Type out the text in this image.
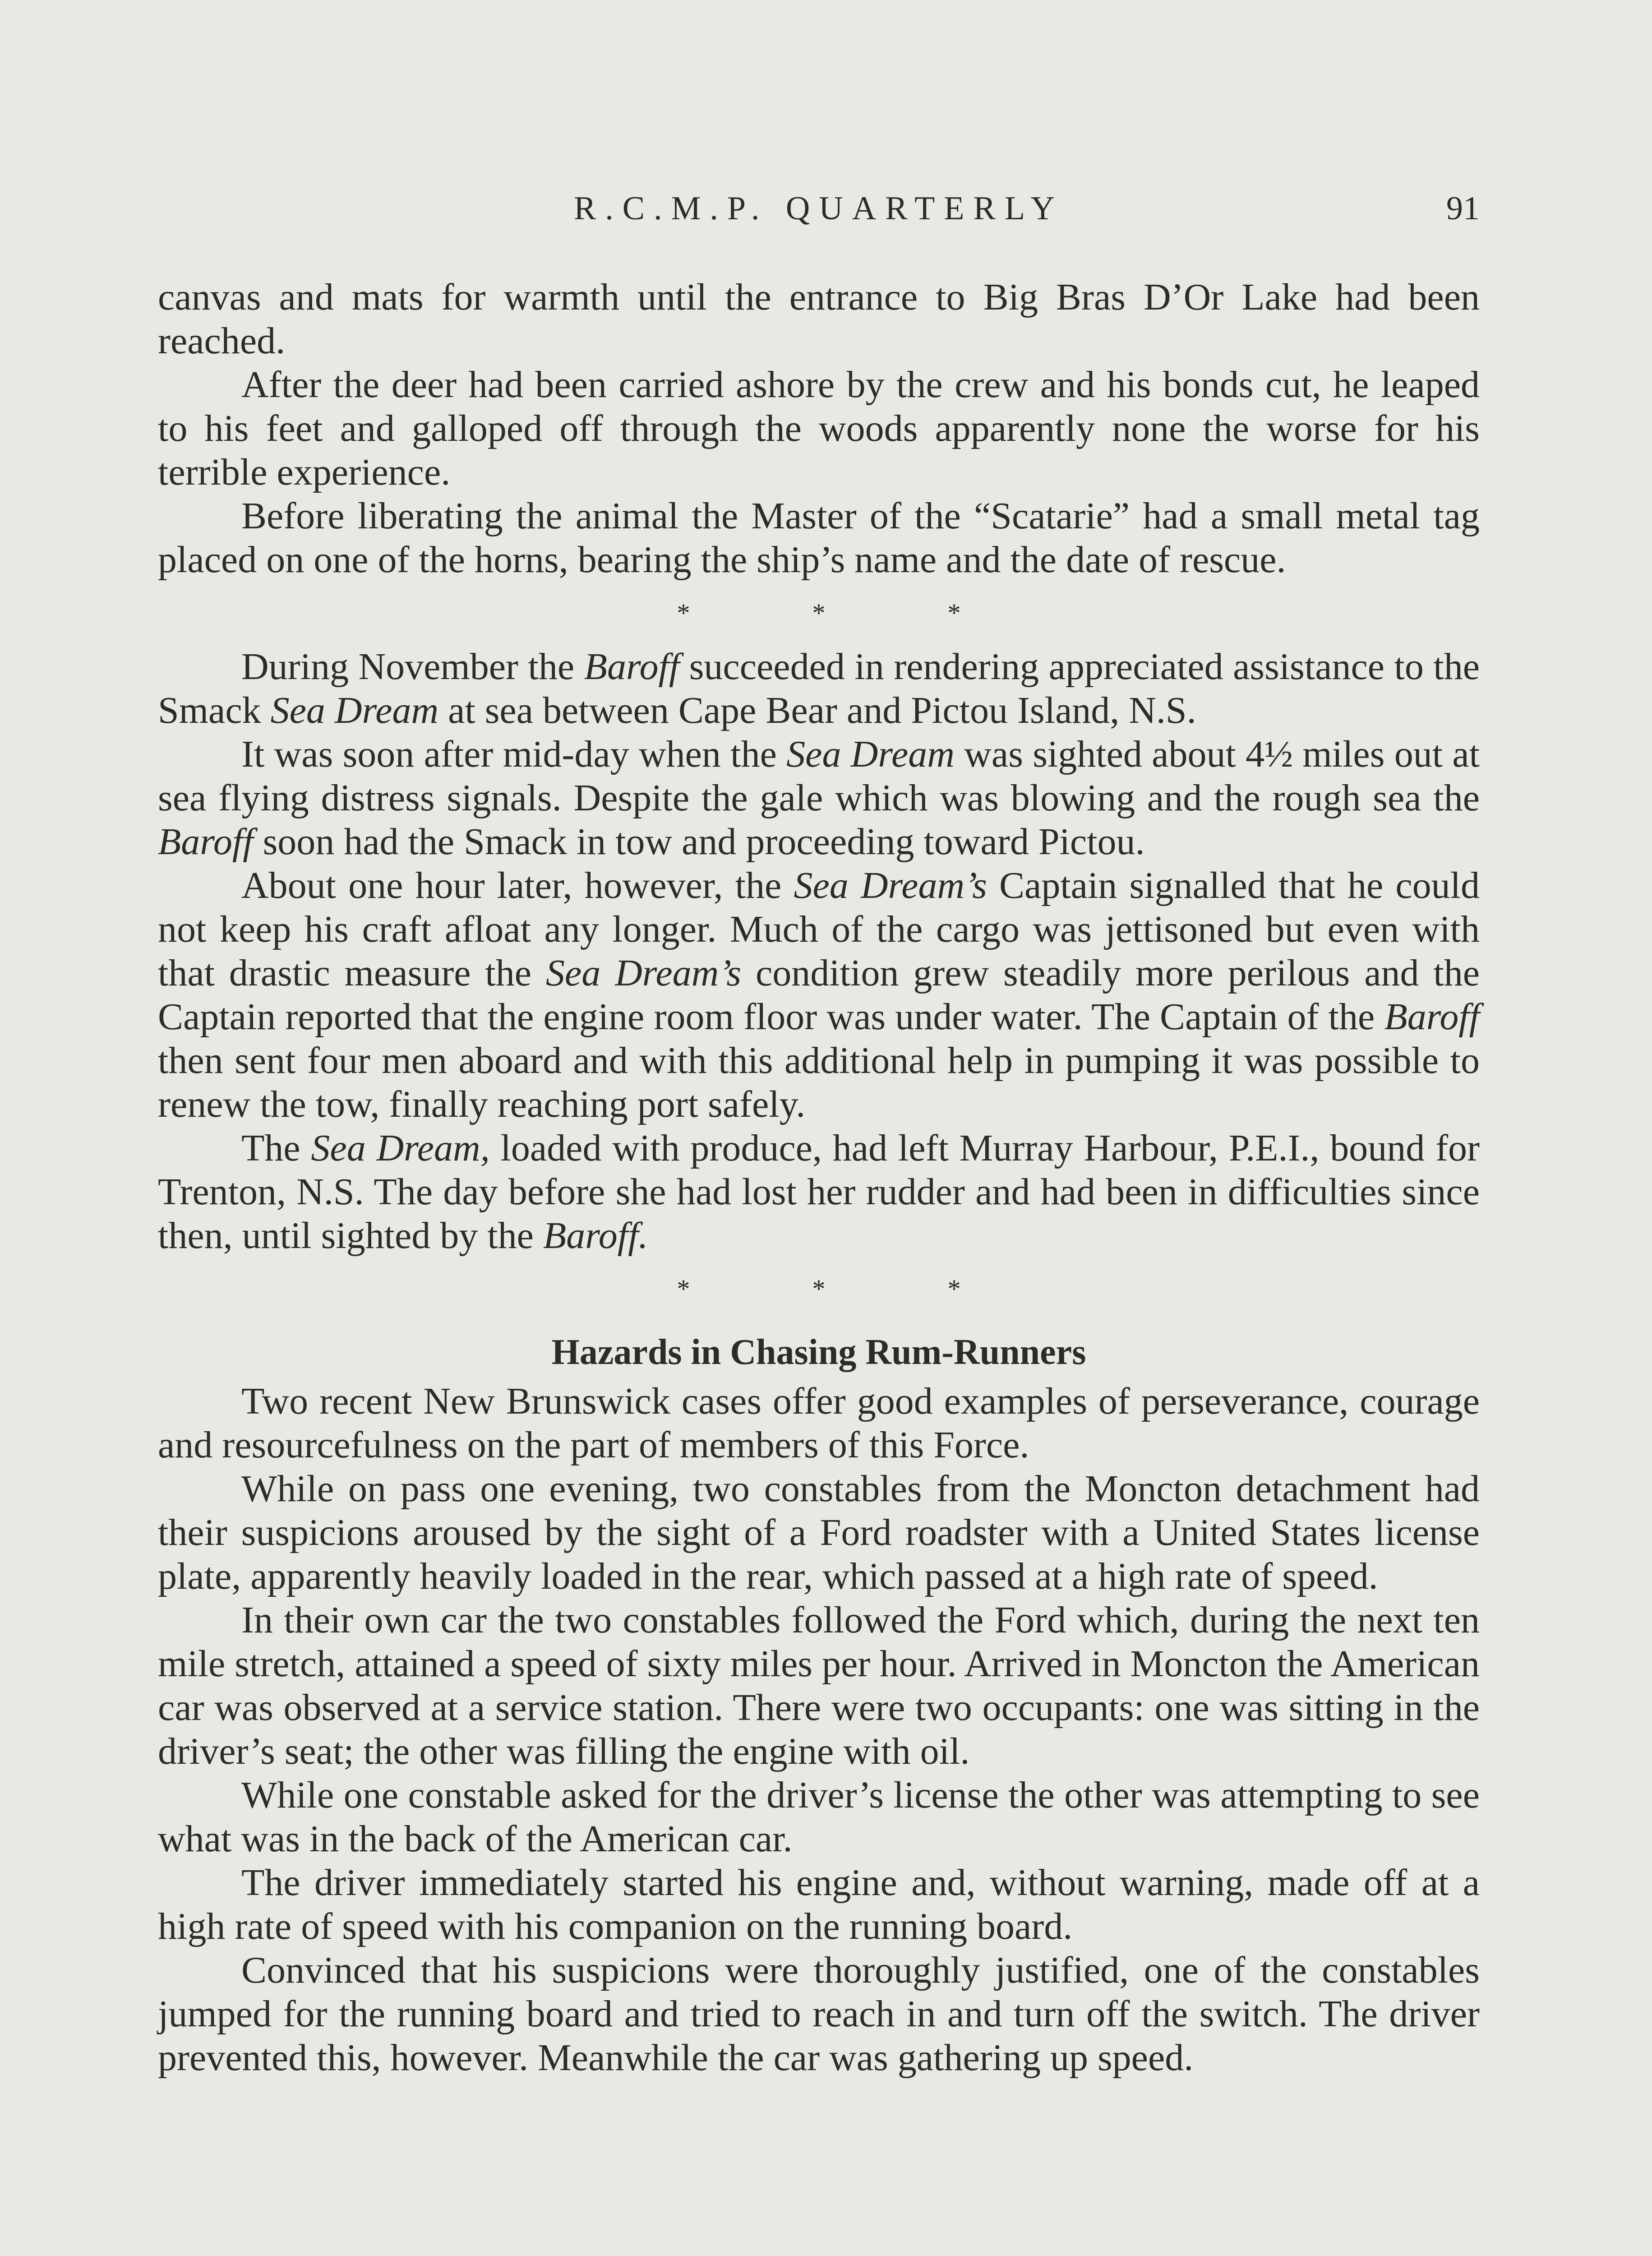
R.C.M.P. QUARTERLY	91

canvas and mats for warmth until the entrance to Big Bras D’Or Lake had been reached.

After the deer had been carried ashore by the crew and his bonds cut, he leaped to his feet and galloped off through the woods apparently none the worse for his terrible experience.

Before liberating the animal the Master of the “Scatarie” had a small metal tag placed on one of the horns, bearing the ship’s name and the date of rescue.

*	*	*

During November the Baroff succeeded in rendering appreciated assistance to the Smack Sea Dream at sea between Cape Bear and Pictou Island, N.S.

It was soon after mid-day when the Sea Dream was sighted about 4½ miles out at sea flying distress signals. Despite the gale which was blowing and the rough sea the Baroff soon had the Smack in tow and proceeding toward Pictou.

About one hour later, however, the Sea Dream’s Captain signalled that he could not keep his craft afloat any longer. Much of the cargo was jettisoned but even with that drastic measure the Sea Dream’s condition grew steadily more perilous and the Captain reported that the engine room floor was under water. The Captain of the Baroff then sent four men aboard and with this additional help in pumping it was possible to renew the tow, finally reaching port safely.

The Sea Dream, loaded with produce, had left Murray Harbour, P.E.I., bound for Trenton, N.S. The day before she had lost her rudder and had been in difficulties since then, until sighted by the Baroff.

*	*	*
Hazards in Chasing Rum-Runners

Two recent New Brunswick cases offer good examples of perseverance, courage and resourcefulness on the part of members of this Force.

While on pass one evening, two constables from the Moncton detachment had their suspicions aroused by the sight of a Ford roadster with a United States license plate, apparently heavily loaded in the rear, which passed at a high rate of speed.

In their own car the two constables followed the Ford which, during the next ten mile stretch, attained a speed of sixty miles per hour. Arrived in Moncton the American car was observed at a service station. There were two occupants: one was sitting in the driver’s seat; the other was filling the engine with oil.

While one constable asked for the driver’s license the other was attempting to see what was in the back of the American car.

The driver immediately started his engine and, without warning, made off at a high rate of speed with his companion on the running board.

Convinced that his suspicions were thoroughly justified, one of the constables jumped for the running board and tried to reach in and turn off the switch. The driver prevented this, however. Meanwhile the car was gathering up speed.
